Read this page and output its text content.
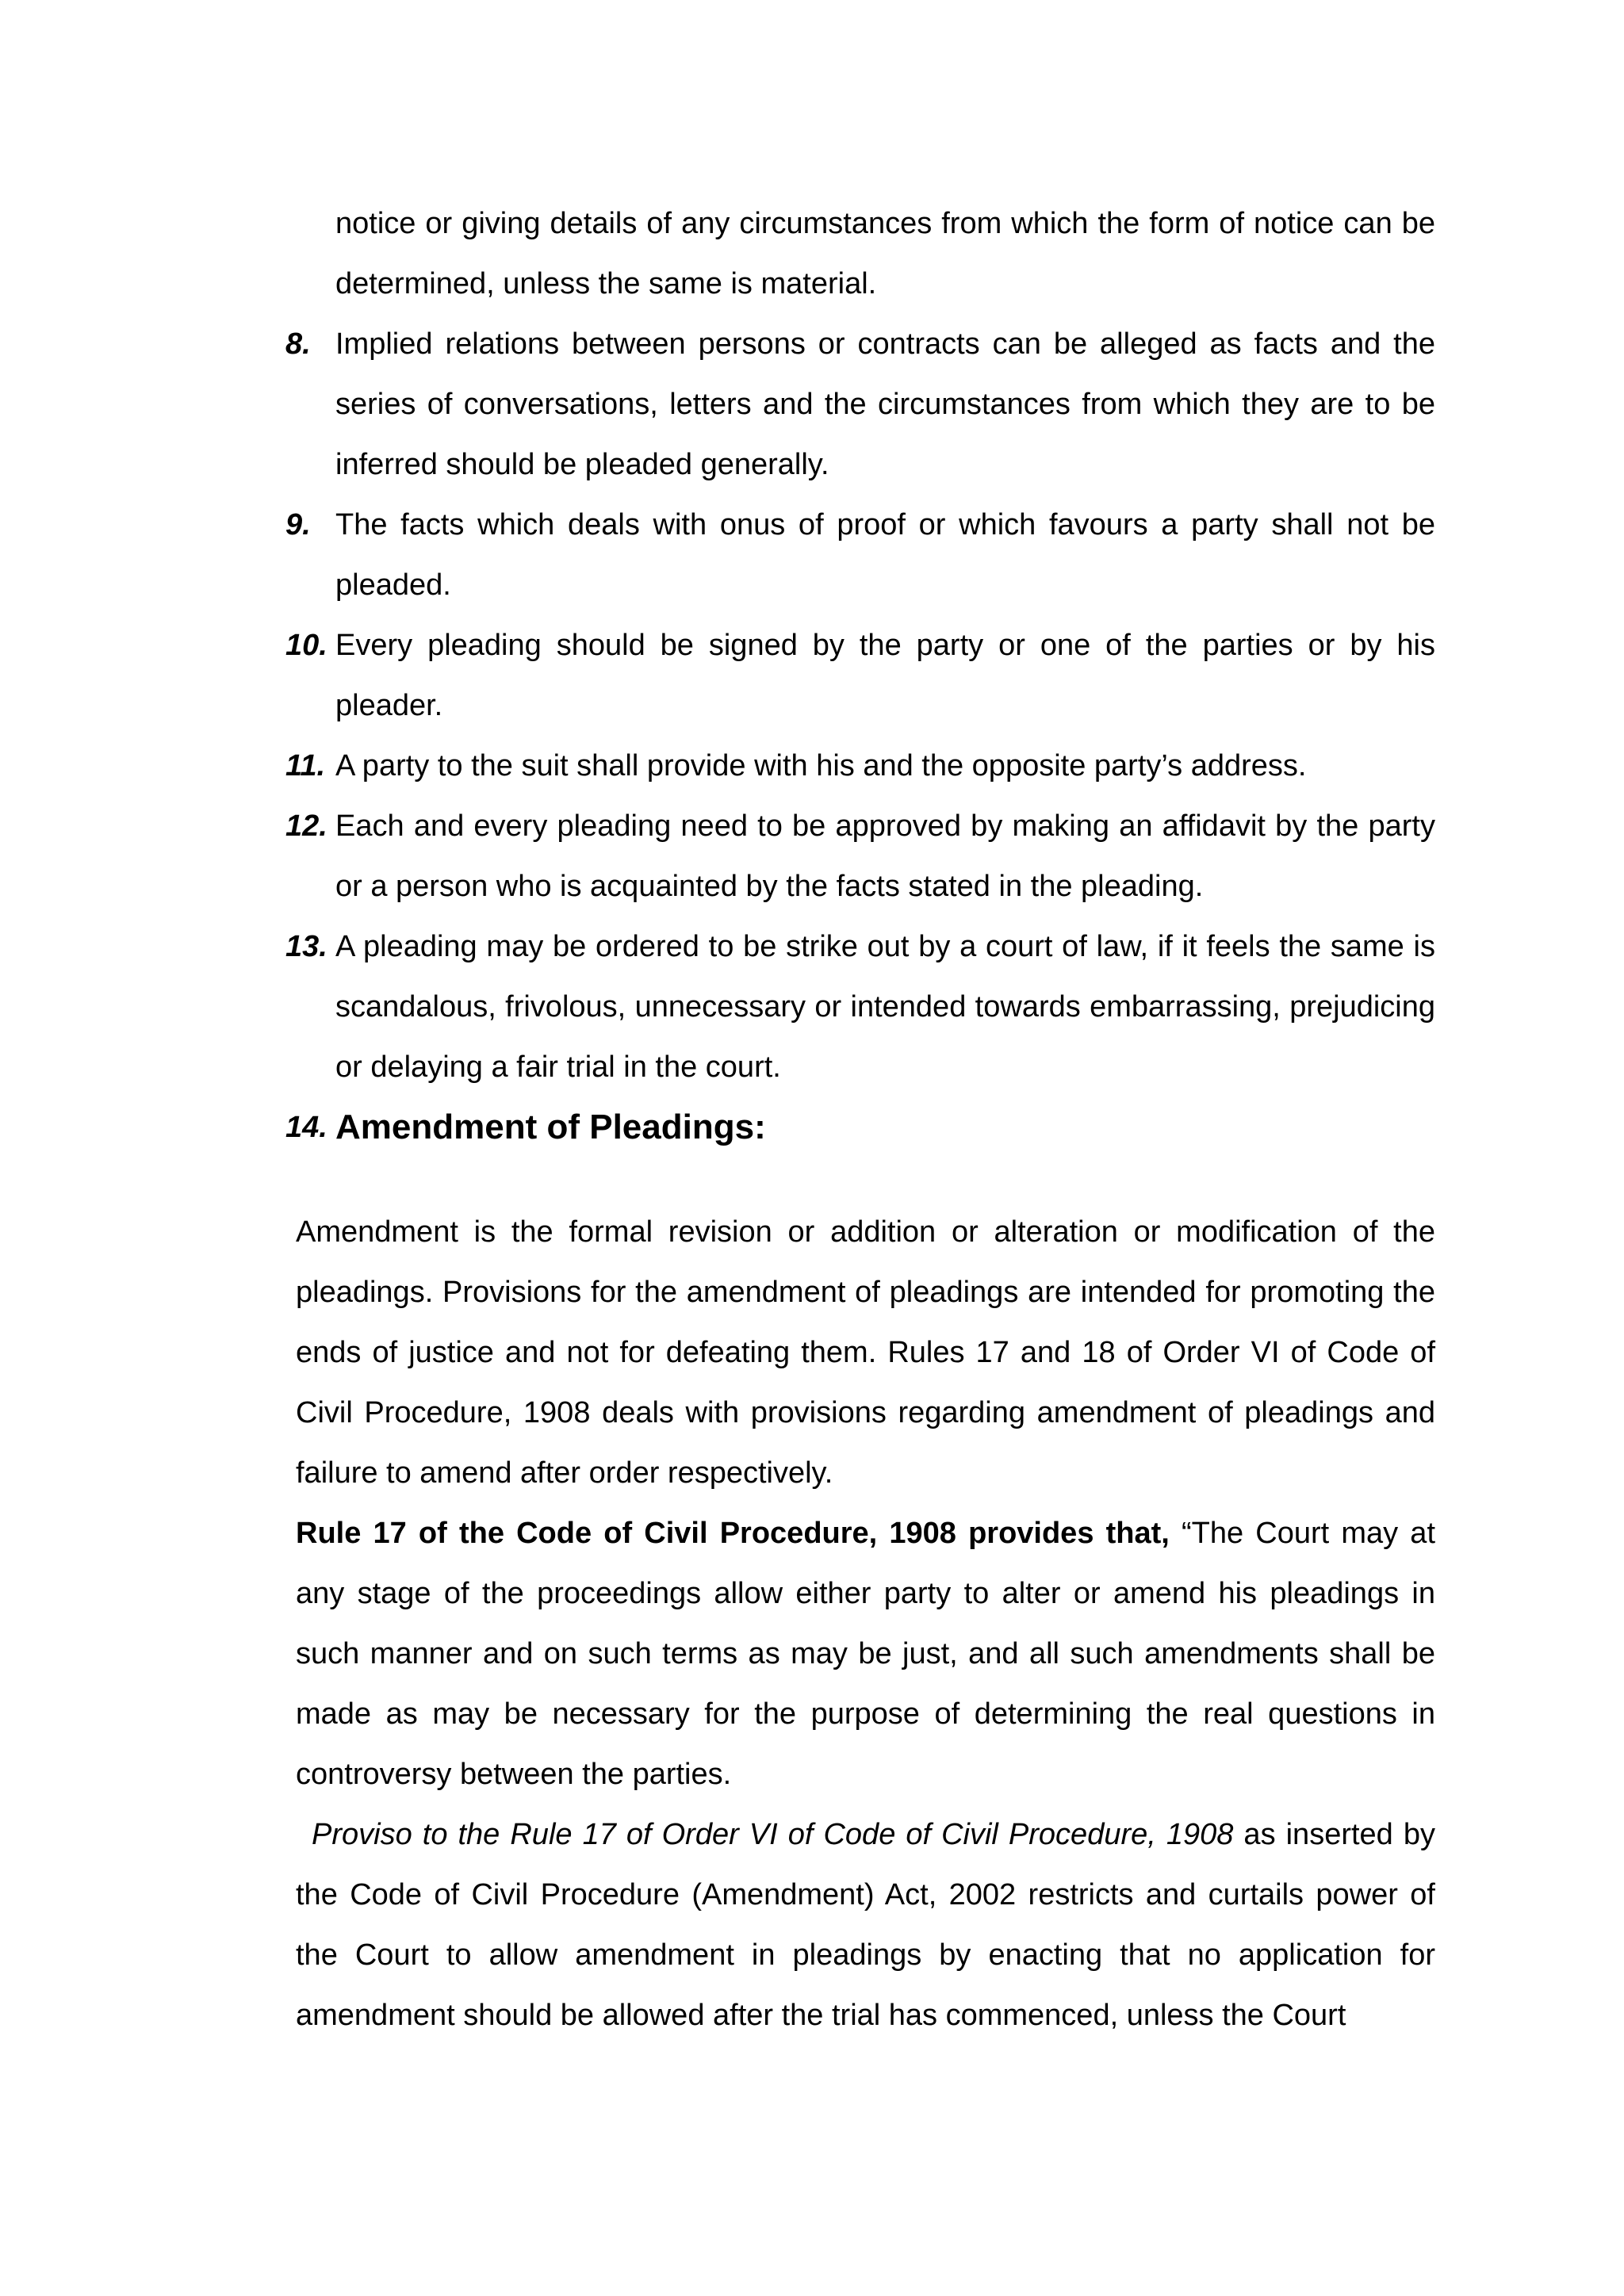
notice or giving details of any circumstances from which the form of notice can be determined, unless the same is material.
8. Implied relations between persons or contracts can be alleged as facts and the series of conversations, letters and the circumstances from which they are to be inferred should be pleaded generally.
9. The facts which deals with onus of proof or which favours a party shall not be pleaded.
10. Every pleading should be signed by the party or one of the parties or by his pleader.
11. A party to the suit shall provide with his and the opposite party’s address.
12. Each and every pleading need to be approved by making an affidavit by the party or a person who is acquainted by the facts stated in the pleading.
13. A pleading may be ordered to be strike out by a court of law, if it feels the same is scandalous, frivolous, unnecessary or intended towards embarrassing, prejudicing or delaying a fair trial in the court.
14. Amendment of Pleadings:
Amendment is the formal revision or addition or alteration or modification of the pleadings. Provisions for the amendment of pleadings are intended for promoting the ends of justice and not for defeating them. Rules 17 and 18 of Order VI of Code of Civil Procedure, 1908 deals with provisions regarding amendment of pleadings and failure to amend after order respectively.
Rule 17 of the Code of Civil Procedure, 1908 provides that, “The Court may at any stage of the proceedings allow either party to alter or amend his pleadings in such manner and on such terms as may be just, and all such amendments shall be made as may be necessary for the purpose of determining the real questions in controversy between the parties.
Proviso to the Rule 17 of Order VI of Code of Civil Procedure, 1908 as inserted by the Code of Civil Procedure (Amendment) Act, 2002 restricts and curtails power of the Court to allow amendment in pleadings by enacting that no application for amendment should be allowed after the trial has commenced, unless the Court
